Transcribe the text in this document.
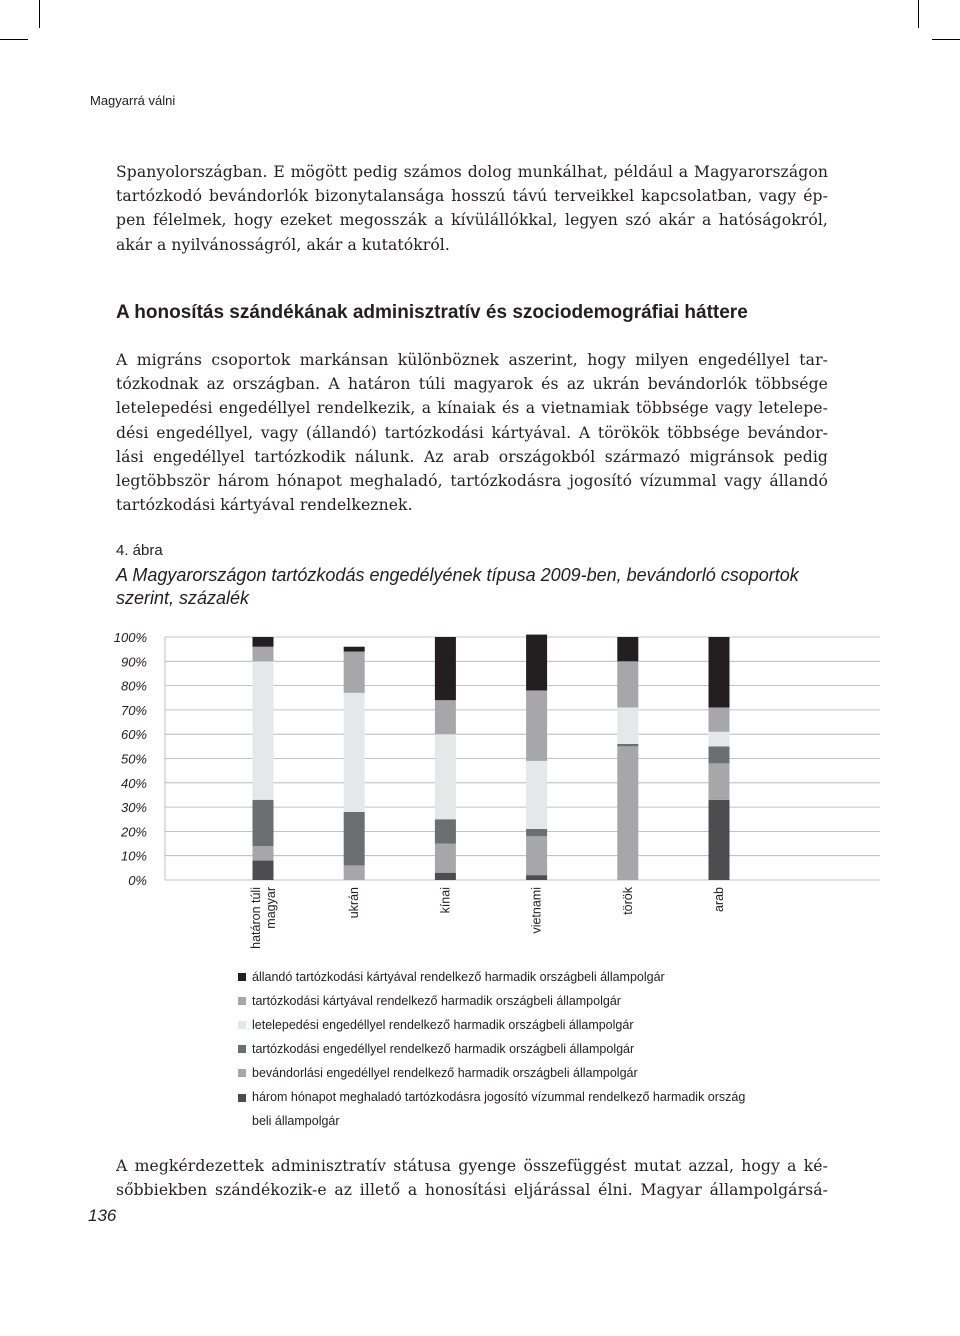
Magyarrá válni

Spanyolországban. E mögött pedig számos dolog munkálhat, például a Magyarországon
tartózkodó bevándorlók bizonytalansága hosszú távú terveikkel kapcsolatban, vagy ép-
pen félelmek, hogy ezeket megosszák a kívülállókkal, legyen szó akár a hatóságokról,
akár a nyilvánosságról, akár a kutatókról.

A honosítás szándékának adminisztratív és szociodemográfiai háttere

A migráns csoportok markánsan különböznek aszerint, hogy milyen engedéllyel tar-
tózkodnak az országban. A határon túli magyarok és az ukrán bevándorlók többsége
letelepedési engedéllyel rendelkezik, a kínaiak és a vietnamiak többsége vagy letelepe-
dési engedéllyel, vagy (állandó) tartózkodási kártyával. A törökök többsége bevándor-
lási engedéllyel tartózkodik nálunk. Az arab országokból származó migránsok pedig
legtöbbször három hónapot meghaladó, tartózkodásra jogosító vízummal vagy állandó
tartózkodási kártyával rendelkeznek.

4. ábra
A Magyarországon tartózkodás engedélyének típusa 2009-ben, bevándorló csoportok szerint, százalék
0%
10%
20%
30%
40%
50%
60%
70%
80%
90%
100%
határon túli magyar	ukrán	kínai	vietnami	török	arab
állandó tartózkodási kártyával rendelkező harmadik országbeli állampolgár
tartózkodási kártyával rendelkező harmadik országbeli állampolgár
letelepedési engedéllyel rendelkező harmadik országbeli állampolgár
tartózkodási engedéllyel rendelkező harmadik országbeli állampolgár
bevándorlási engedéllyel rendelkező harmadik országbeli állampolgár
három hónapot meghaladó tartózkodásra jogosító vízummal rendelkező harmadik ország
beli állampolgár

A megkérdezettek adminisztratív státusa gyenge összefüggést mutat azzal, hogy a ké-
sőbbiekben szándékozik-e az illető a honosítási eljárással élni. Magyar állampolgársá-

136
